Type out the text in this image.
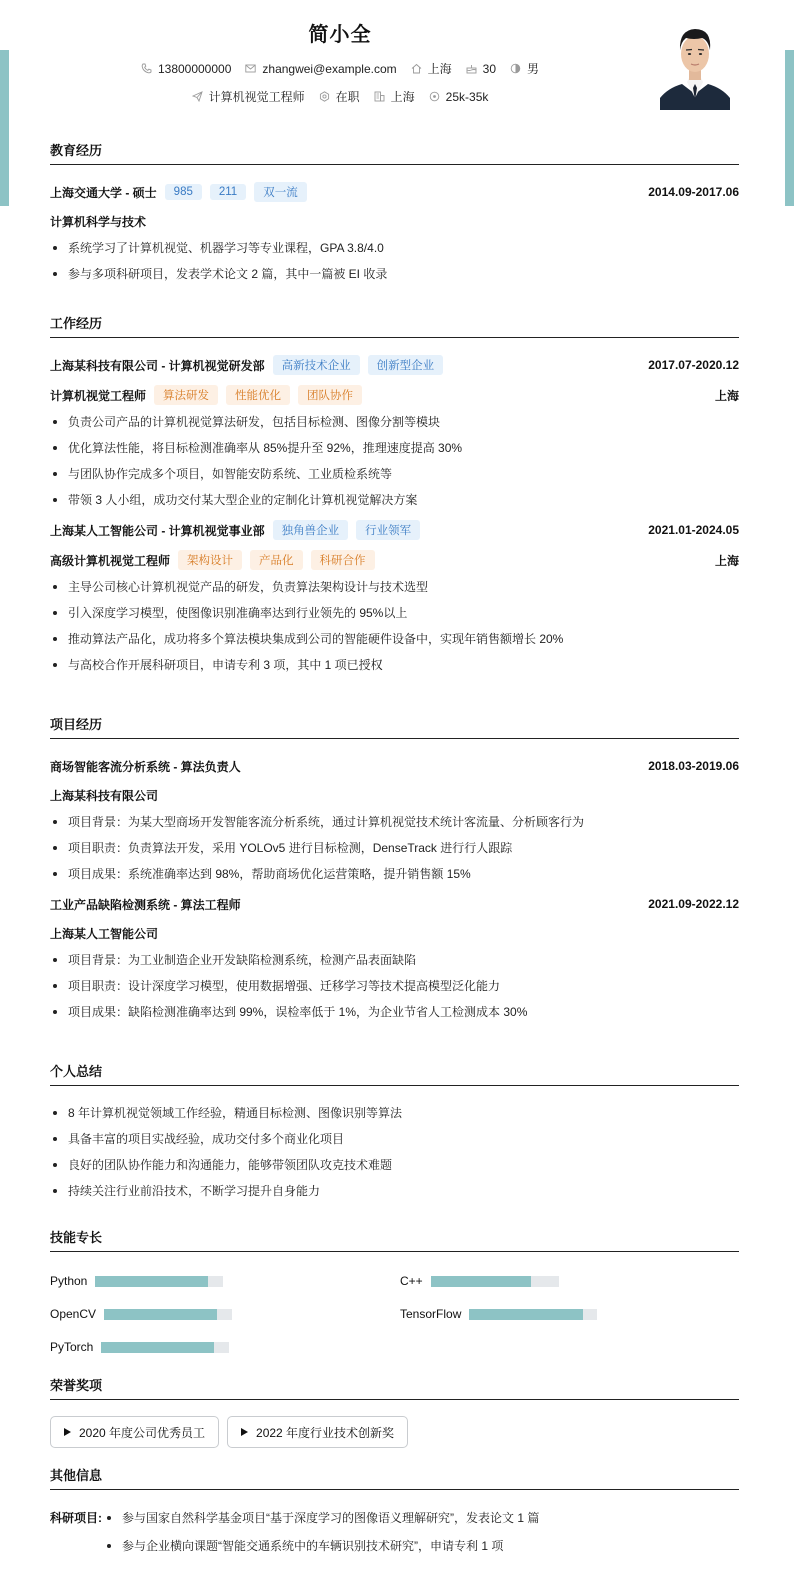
简小全
13800000000	zhangwei@example.com	上海	30	男
计算机视觉工程师	在职	上海	25k-35k
教育经历
上海交通大学 - 硕士	985	211	双一流	2014.09-2017.06
计算机科学与技术
系统学习了计算机视觉、机器学习等专业课程，GPA 3.8/4.0
参与多项科研项目，发表学术论文 2 篇，其中一篇被 EI 收录
工作经历
上海某科技有限公司 - 计算机视觉研发部	高新技术企业	创新型企业	2017.07-2020.12
计算机视觉工程师	算法研发	性能优化	团队协作	上海
负责公司产品的计算机视觉算法研发，包括目标检测、图像分割等模块
优化算法性能，将目标检测准确率从 85%提升至 92%，推理速度提高 30%
与团队协作完成多个项目，如智能安防系统、工业质检系统等
带领 3 人小组，成功交付某大型企业的定制化计算机视觉解决方案
上海某人工智能公司 - 计算机视觉事业部	独角兽企业	行业领军	2021.01-2024.05
高级计算机视觉工程师	架构设计	产品化	科研合作	上海
主导公司核心计算机视觉产品的研发，负责算法架构设计与技术选型
引入深度学习模型，使图像识别准确率达到行业领先的 95%以上
推动算法产品化，成功将多个算法模块集成到公司的智能硬件设备中，实现年销售额增长 20%
与高校合作开展科研项目，申请专利 3 项，其中 1 项已授权
项目经历
商场智能客流分析系统 - 算法负责人	2018.03-2019.06
上海某科技有限公司
项目背景：为某大型商场开发智能客流分析系统，通过计算机视觉技术统计客流量、分析顾客行为
项目职责：负责算法开发，采用 YOLOv5 进行目标检测，DenseTrack 进行行人跟踪
项目成果：系统准确率达到 98%，帮助商场优化运营策略，提升销售额 15%
工业产品缺陷检测系统 - 算法工程师	2021.09-2022.12
上海某人工智能公司
项目背景：为工业制造企业开发缺陷检测系统，检测产品表面缺陷
项目职责：设计深度学习模型，使用数据增强、迁移学习等技术提高模型泛化能力
项目成果：缺陷检测准确率达到 99%，误检率低于 1%，为企业节省人工检测成本 30%
个人总结
8 年计算机视觉领域工作经验，精通目标检测、图像识别等算法
具备丰富的项目实战经验，成功交付多个商业化项目
良好的团队协作能力和沟通能力，能够带领团队攻克技术难题
持续关注行业前沿技术，不断学习提升自身能力
技能专长
Python	C++
OpenCV	TensorFlow
PyTorch
荣誉奖项
2020 年度公司优秀员工	2022 年度行业技术创新奖
其他信息
科研项目:	参与国家自然科学基金项目“基于深度学习的图像语义理解研究”，发表论文 1 篇
参与企业横向课题“智能交通系统中的车辆识别技术研究”，申请专利 1 项
